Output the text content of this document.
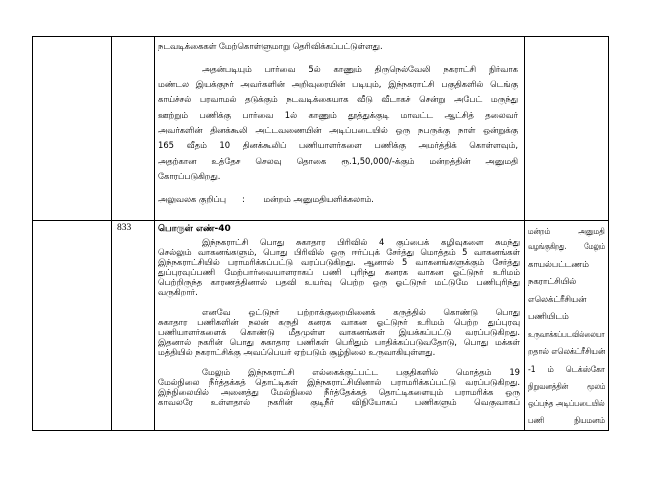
நடவடிக்கைகள் மேற்கொள்ளுமாறு தெரிவிக்கப்பட்டுள்ளது.
அதன்படியும் பார்வை 5ல் காணும் திருநெல்வேலி நகராட்சி நிர்வாக
மண்டல இயக்குநர் அவர்களின் அறிவுரையின் படியும், இந்நகராட்சி பகுதிகளில் டெங்கு
காய்ச்சல் பரவாமல் தடுக்கும் நடவடிக்கையாக வீடு வீடாகச் சென்று அபேட் மருந்து
ஊற்றும் பணிக்கு பார்வை 1ல் காணும் தூத்துக்குடி மாவட்ட ஆட்சித் தலைவர்
அவர்களின் தினக்கூலி அட்டவணையின் அடிப்படையில் ஒரு நபருக்கு நாள் ஒன்றுக்கு
165 வீதம் 10 தினக்கூலிப் பணியாளர்களை பணிக்கு அமர்த்திக் கொள்ளவும்,
அதற்கான உத்தேச செலவு தொகை ரூ.1,50,000/-க்கும் மன்றத்தின் அனுமதி
கோரப்படுகிறது.
அலுவலக குறிப்பு      :       மன்றம் அனுமதியளிக்கலாம்.
833	பொருள் எண்-40
இந்நகராட்சி பொது சுகாதார பிரிவில் 4 குப்பைக் கழிவுகளை சுமந்து
செல்லும் வாகனங்களும், பொது பிரிவில் ஒரு ஈர்ப்புக் சேர்த்து மொத்தம் 5 வாகனங்கள்
இந்நகராட்சியில் பராமரிக்கப்பட்டு வரப்படுகிறது. ஆனால் 5 வாகனங்களுக்கும் சேர்த்து
துப்புரவுப்பணி மேற்பார்வையாளராகப் பணி புரிந்து கனரக வாகன ஓட்டுநர் உரிமம்
பெற்றிருந்த காரணத்தினால் பதவி உயர்வு பெற்ற ஒரு ஓட்டுநர் மட்டுமே பணிபுரிந்து
வருகிறார்.
எனவே ஒட்டுநர் பற்றாக்குறையினைக் கருத்தில் கொண்டு பொது
சுகாதார பணிகளின் நலன் கருதி கனரக வாகன ஓட்டுநர் உரிமம் பெற்ற துப்புரவு
பணியாளர்களைக் கொண்டு மீதமுள்ள வாகனங்கள் இயக்கப்பட்டு வரப்படுகிறது.
இதனால் நகரின் பொது சுகாதார பணிகள் பெரிதும் பாதிக்கப்படுவதோடு, பொது மக்கள்
மத்தியில் நகராட்சிக்கு அவப்பெயர் ஏற்படும் சூழ்நிலை உருவாகியுள்ளது.
மேலும் இந்நகராட்சி எல்கைக்குட்பட்ட பகுதிகளில் மொத்தம் 19
மேல்நிலை நீர்த்தக்கத் தொட்டிகள் இந்நகராட்சியினால் பராமரிக்கப்பட்டு வரப்படுகிறது.
இந்நிலையில் அனைத்து மேல்நிலை நீர்த்தேக்கத் தொட்டிகளையும் பராமரிக்க ஒரு
காவலரே உள்ளதால் நகரின் குடிநீர் விநியோகப் பணிகளும் வெகுவாகப்
மன்றம்             அனுமதி
வழங்குகிறது.         மேலும்
காயல்பட்டணம்
நகராட்சியில்
எலெக்ட்ரீசியன்
பணியிடம்
உருவாக்கப்படவில்லையா
றதால் எலெக்ட்ரீசியன்
-1     ம்     டெக்ஸ்கோ
நிறுவனத்தின்         மூலம்
ஒப்பந்த அடிப்படையில்
பணி             நியமனம்
